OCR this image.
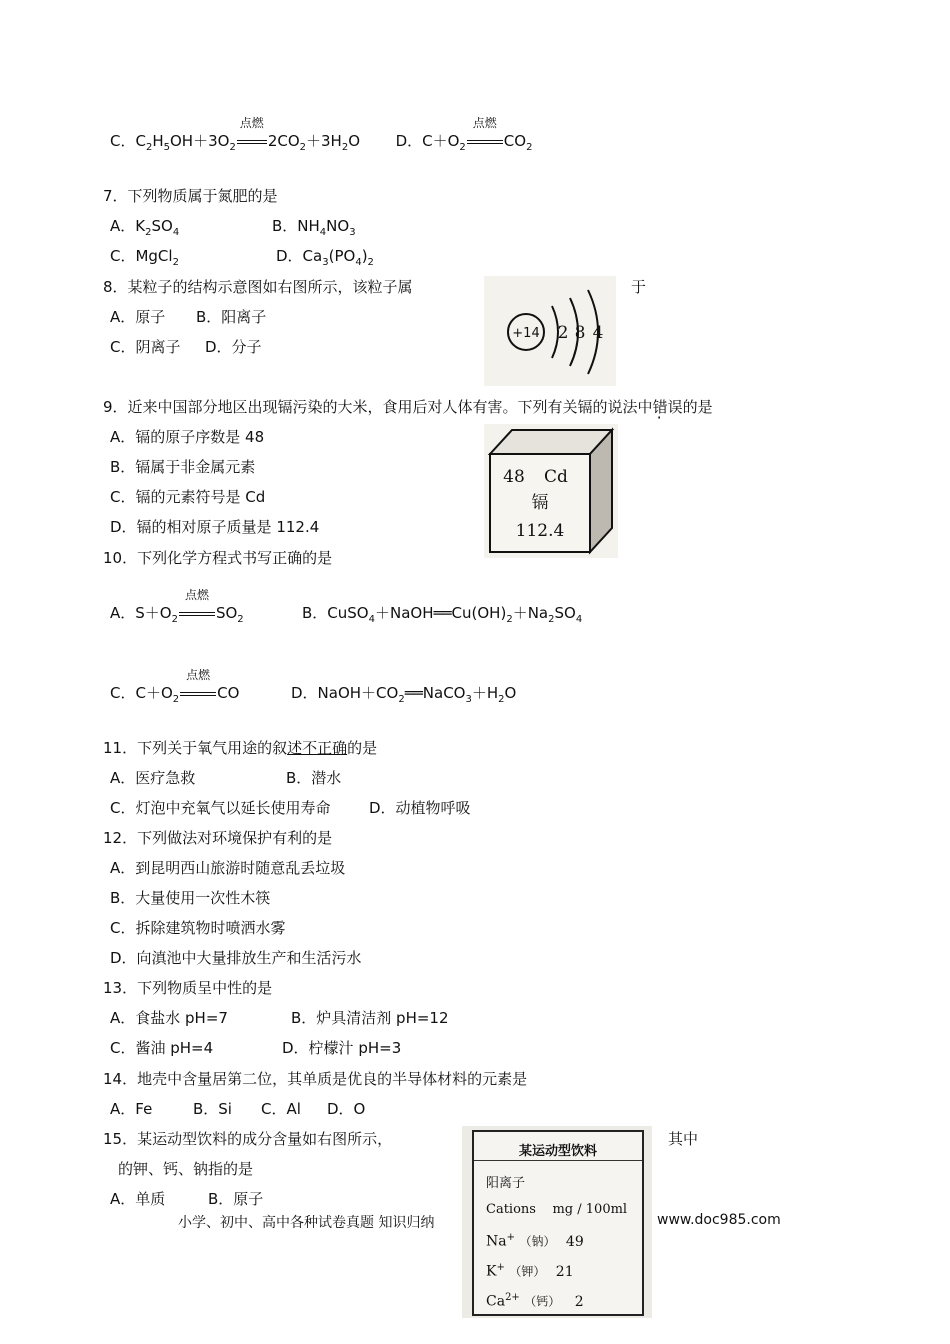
C．$C_2H_5OH+3O_2$
点燃
$2CO_2+3H_2O$  D．$C+O_2$
点燃
$CO_2$
7．下列物质属于氮肥的是
A．$K_2SO_4$	B．$NH_4NO_3$
C．MgCl$_2$	D．$Ca_3(PO_4)_2$
8．某粒子的结构示意图如右图所示，该粒子属	于
A．原子 B．阳离子
C．阴离子 D．分子
+14 2 8 4
9．近来中国部分地区出现镉污染的大米，食用后对人体有害。下列有关镉的说法中错误的是
A．镉的原子序数是 48
B．镉属于非金属元素
C．镉的元素符号是 Cd
D．镉的相对原子质量是 112.4
48 Cd
镉
112.4
10．下列化学方程式书写正确的是
A．$S+O_2$
点燃
$SO_2$	B．$CuSO_4+NaOH══Cu(OH)_2+Na_2SO_4$
C．$C+O_2$
点燃
CO	D．$NaOH+CO_2══NaCO_3+H_2O$
11．下列关于氧气用途的叙述不正确的是
A．医疗急救	B．潜水
C．灯泡中充氧气以延长使用寿命	D．动植物呼吸
12．下列做法对环境保护有利的是
A．到昆明西山旅游时随意乱丢垃圾
B．大量使用一次性木筷
C．拆除建筑物时喷洒水雾
D．向滇池中大量排放生产和生活污水
13．下列物质呈中性的是
A．食盐水 pH=7	B．炉具清洁剂 pH=12
C．酱油 pH=4	D．柠檬汁 pH=3
14．地壳中含量居第二位，其单质是优良的半导体材料的元素是
A．Fe	B．Si C．Al D．O
15．某运动型饮料的成分含量如右图所示，	其中
的钾、钙、钠指的是
A．单质	B．原子
某运动型饮料
阳离子
Cations    mg / 100ml
Na+ （钠） 49
K+ （钾） 21
$Ca^{2+}$ （钙） 2
小学、初中、高中各种试卷真题 知识归纳	www.doc985.com
